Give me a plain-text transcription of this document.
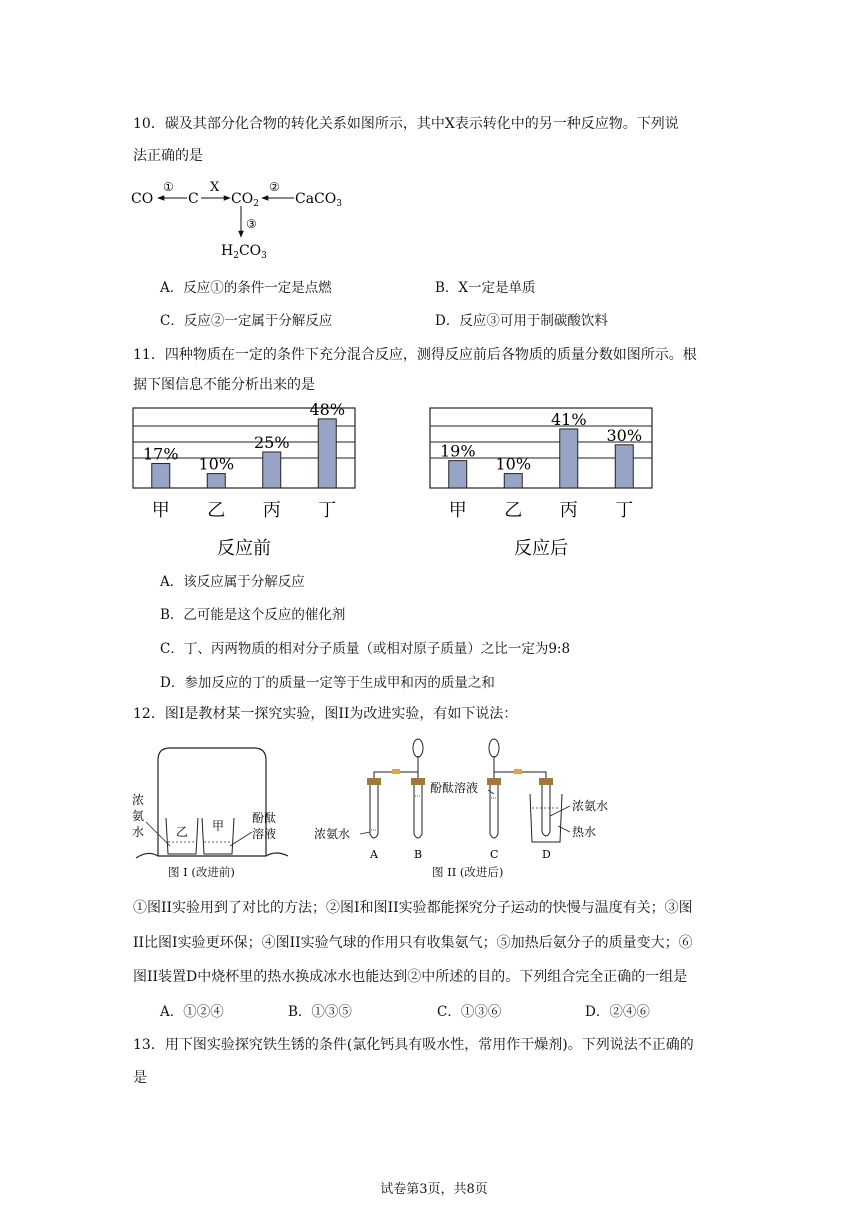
10．碳及其部分化合物的转化关系如图所示，其中X表示转化中的另一种反应物。下列说
法正确的是
CO
①
C
X
$CO_2$
②
CaCO$_3$
③
$H_2CO_3$
A．反应①的条件一定是点燃	B．X一定是单质
C．反应②一定属于分解反应	D．反应③可用于制碳酸饮料
11．四种物质在一定的条件下充分混合反应，测得反应前后各物质的质量分数如图所示。根
据下图信息不能分析出来的是
17%
甲
10%
乙
25%
丙
48%
丁
反应前
19%
甲
10%
乙
41%
丙
30%
丁
反应后
A．该反应属于分解反应
B．乙可能是这个反应的催化剂
C．丁、丙两物质的相对分子质量（或相对原子质量）之比一定为9:8
D．参加反应的丁的质量一定等于生成甲和丙的质量之和
12．图I是教材某一探究实验，图II为改进实验，有如下说法：
乙 甲
浓
氨
水
酚酞
溶液
图 I (改进前)
浓氨水
酚酞溶液
浓氨水
热水
A	B	C	D
图 II (改进后)
①图II实验用到了对比的方法；②图I和图II实验都能探究分子运动的快慢与温度有关；③图
II比图I实验更环保；④图II实验气球的作用只有收集氨气；⑤加热后氨分子的质量变大；⑥
图II装置D中烧杯里的热水换成冰水也能达到②中所述的目的。下列组合完全正确的一组是
A．①②④	B．①③⑤	C．①③⑥	D．②④⑥
13．用下图实验探究铁生锈的条件(氯化钙具有吸水性，常用作干燥剂)。下列说法不正确的
是
试卷第3页，共8页
